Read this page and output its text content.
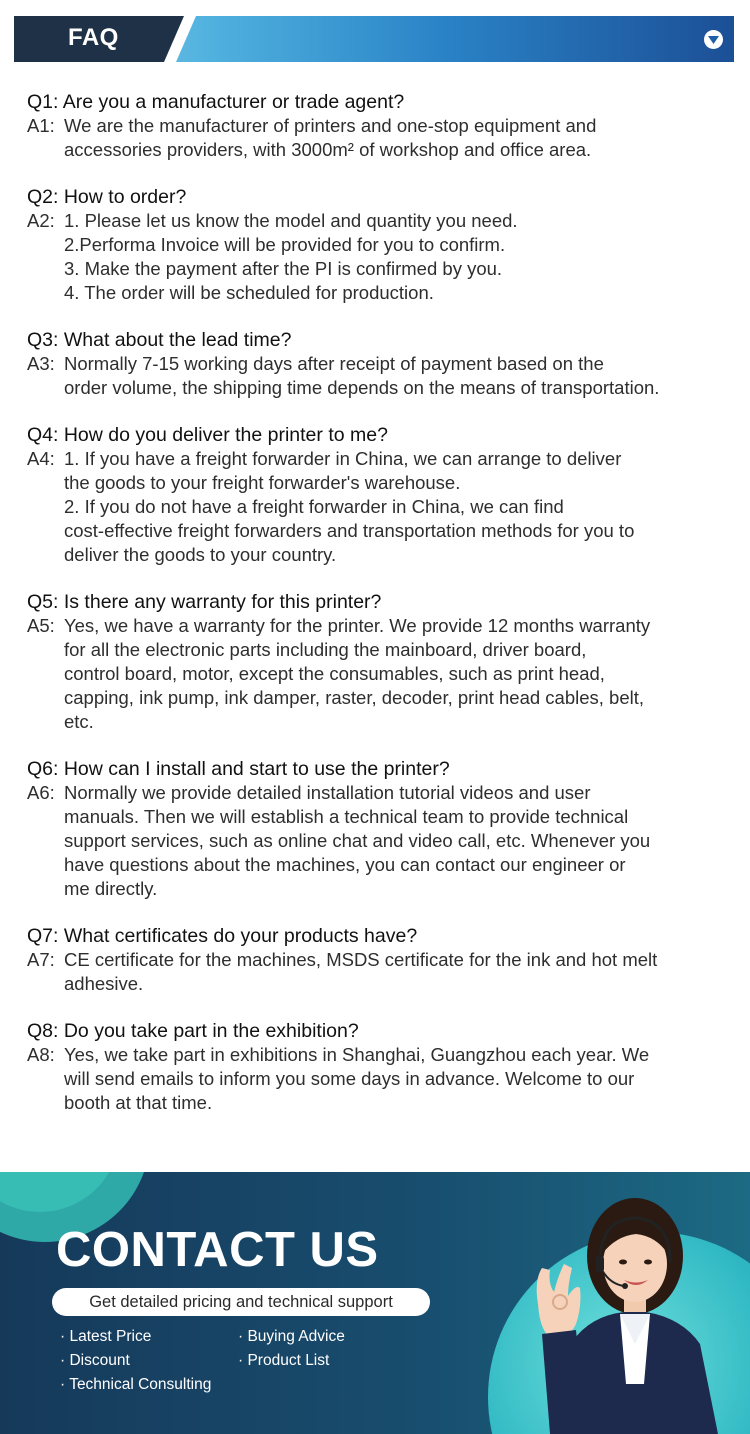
FAQ
Q1: Are you a manufacturer or trade agent?
A1: We are the manufacturer of printers and one-stop equipment and
accessories providers, with 3000m² of workshop and office area.
Q2: How to order?
A2: 1. Please let us know the model and quantity you need.
2.Performa Invoice will be provided for you to confirm.
3. Make the payment after the PI is confirmed by you.
4. The order will be scheduled for production.
Q3: What about the lead time?
A3: Normally 7-15 working days after receipt of payment based on the
order volume, the shipping time depends on the means of transportation.
Q4: How do you deliver the printer to me?
A4: 1. If you have a freight forwarder in China, we can arrange to deliver
the goods to your freight forwarder's warehouse.
2. If you do not have a freight forwarder in China, we can find
cost-effective freight forwarders and transportation methods for you to
deliver the goods to your country.
Q5: Is there any warranty for this printer?
A5: Yes, we have a warranty for the printer. We provide 12 months warranty
for all the electronic parts including the mainboard, driver board,
control board, motor, except the consumables, such as print head,
capping, ink pump, ink damper, raster, decoder, print head cables, belt,
etc.
Q6: How can I install and start to use the printer?
A6: Normally we provide detailed installation tutorial videos and user
manuals. Then we will establish a technical team to provide technical
support services, such as online chat and video call, etc. Whenever you
have questions about the machines, you can contact our engineer or
me directly.
Q7: What certificates do your products have?
A7: CE certificate for the machines, MSDS certificate for the ink and hot melt
adhesive.
Q8: Do you take part in the exhibition?
A8: Yes, we take part in exhibitions in Shanghai, Guangzhou each year. We
will send emails to inform you some days in advance. Welcome to our
booth at that time.
CONTACT US
Get detailed pricing and technical support
· Latest Price	· Buying Advice
· Discount	· Product List
· Technical Consulting
